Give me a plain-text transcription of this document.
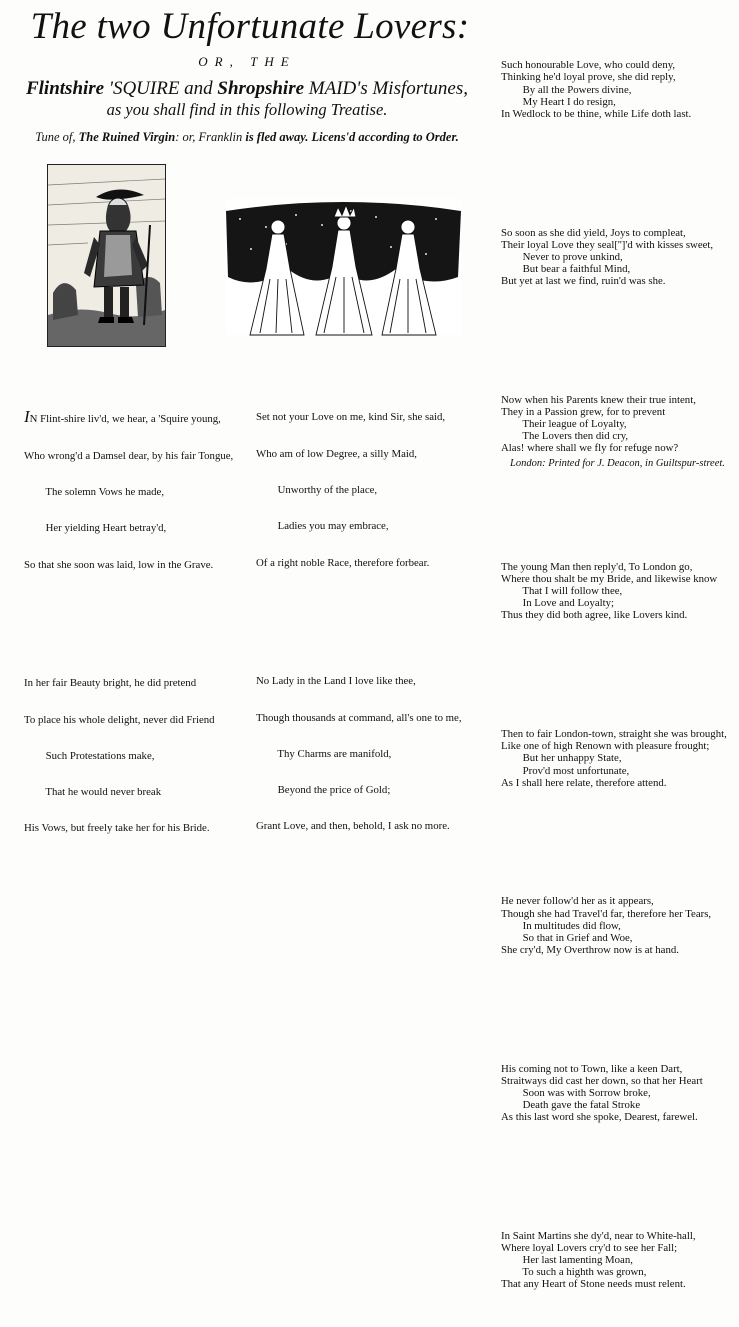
The two Unfortunate Lovers:
OR, THE
Flintshire 'SQUIRE and Shropshire MAID's Misfortunes,
as you shall find in this following Treatise.
Tune of, The Ruined Virgin: or, Franklin is fled away. Licens'd according to Order.

IN Flint-shire liv'd, we hear, a 'Squire young,

Who wrong'd a Damsel dear, by his fair Tongue,

The solemn Vows he made,

Her yielding Heart betray'd,

So that she soon was laid, low in the Grave.

In her fair Beauty bright, he did pretend

To place his whole delight, never did Friend

Such Protestations make,

That he would never break

His Vows, but freely take her for his Bride.

Set not your Love on me, kind Sir, she said,

Who am of low Degree, a silly Maid,

Unworthy of the place,

Ladies you may embrace,

Of a right noble Race, therefore forbear.

No Lady in the Land I love like thee,

Though thousands at command, all's one to me,

Thy Charms are manifold,

Beyond the price of Gold;

Grant Love, and then, behold, I ask no more.

Such honourable Love, who could deny,
Thinking he'd loyal prove, she did reply,
By all the Powers divine,
My Heart I do resign,
In Wedlock to be thine, while Life doth last.

So soon as she did yield, Joys to compleat,
Their loyal Love they seal['']'d with kisses sweet,
Never to prove unkind,
But bear a faithful Mind,
But yet at last we find, ruin'd was she.

Now when his Parents knew their true intent,
They in a Passion grew, for to prevent
Their league of Loyalty,
The Lovers then did cry,
Alas! where shall we fly for refuge now?

The young Man then reply'd, To London go,
Where thou shalt be my Bride, and likewise know
That I will follow thee,
In Love and Loyalty;
Thus they did both agree, like Lovers kind.

Then to fair London-town, straight she was brought,
Like one of high Renown with pleasure frought;
But her unhappy State,
Prov'd most unfortunate,
As I shall here relate, therefore attend.

He never follow'd her as it appears,
Though she had Travel'd far, therefore her Tears,
In multitudes did flow,
So that in Grief and Woe,
She cry'd, My Overthrow now is at hand.

His coming not to Town, like a keen Dart,
Straitways did cast her down, so that her Heart
Soon was with Sorrow broke,
Death gave the fatal Stroke
As this last word she spoke, Dearest, farewel.

In Saint Martins she dy'd, near to White-hall,
Where loyal Lovers cry'd to see her Fall;
Her last lamenting Moan,
To such a highth was grown,
That any Heart of Stone needs must relent.

London: Printed for J. Deacon, in Guiltspur-street.
